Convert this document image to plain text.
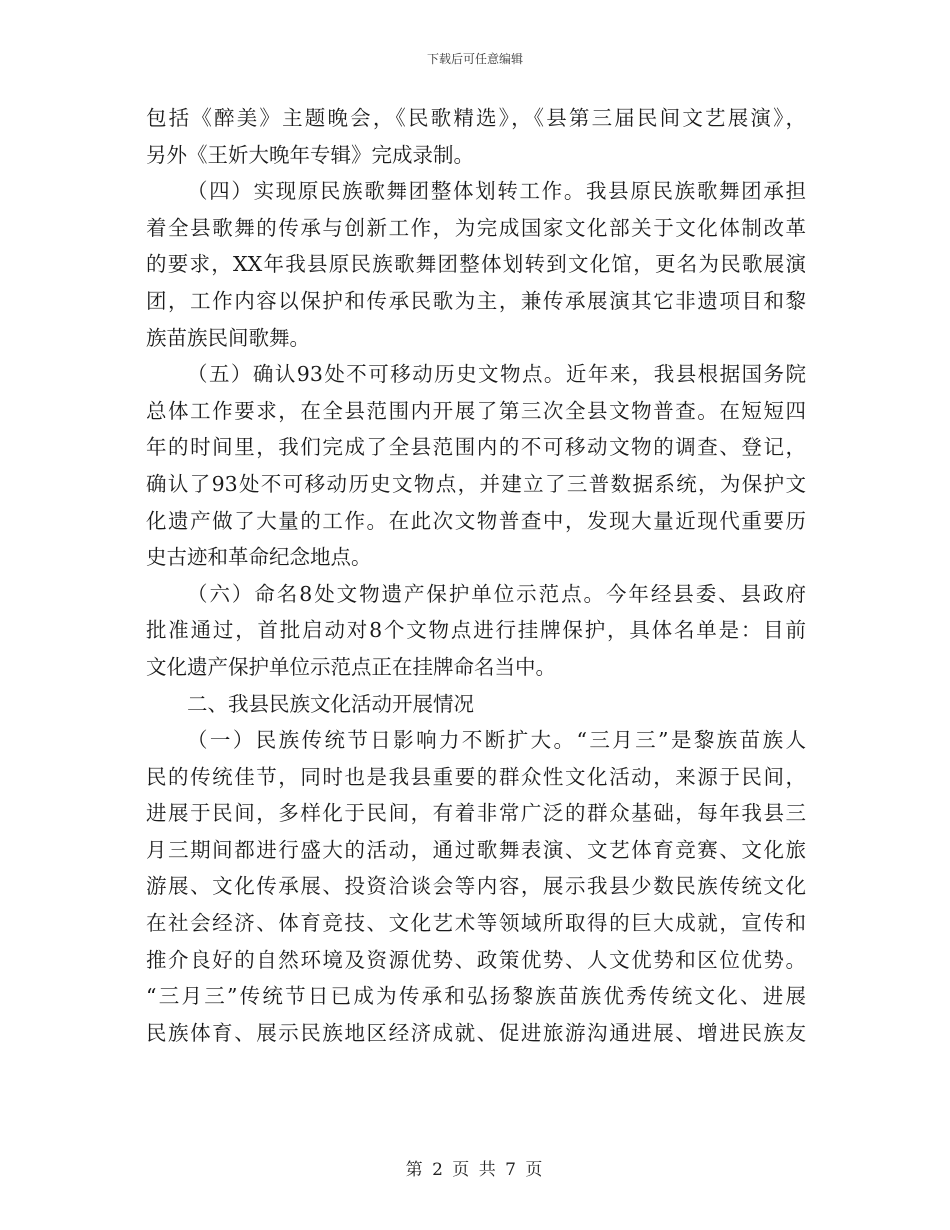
下载后可任意编辑
包括《醉美》主题晚会，《民歌精选》，《县第三届民间文艺展演》，
另外《王妡大晚年专辑》完成录制。
（四）实现原民族歌舞团整体划转工作。我县原民族歌舞团承担
着全县歌舞的传承与创新工作，为完成国家文化部关于文化体制改革
的要求，XX年我县原民族歌舞团整体划转到文化馆，更名为民歌展演
团，工作内容以保护和传承民歌为主，兼传承展演其它非遗项目和黎
族苗族民间歌舞。
（五）确认93处不可移动历史文物点。近年来，我县根据国务院
总体工作要求，在全县范围内开展了第三次全县文物普查。在短短四
年的时间里，我们完成了全县范围内的不可移动文物的调查、登记，
确认了93处不可移动历史文物点，并建立了三普数据系统，为保护文
化遗产做了大量的工作。在此次文物普查中，发现大量近现代重要历
史古迹和革命纪念地点。
（六）命名8处文物遗产保护单位示范点。今年经县委、县政府
批准通过，首批启动对8个文物点进行挂牌保护，具体名单是：目前
文化遗产保护单位示范点正在挂牌命名当中。
二、我县民族文化活动开展情况
（一）民族传统节日影响力不断扩大。“三月三”是黎族苗族人
民的传统佳节，同时也是我县重要的群众性文化活动，来源于民间，
进展于民间，多样化于民间，有着非常广泛的群众基础，每年我县三
月三期间都进行盛大的活动，通过歌舞表演、文艺体育竞赛、文化旅
游展、文化传承展、投资洽谈会等内容，展示我县少数民族传统文化
在社会经济、体育竞技、文化艺术等领域所取得的巨大成就，宣传和
推介良好的自然环境及资源优势、政策优势、人文优势和区位优势。
“三月三”传统节日已成为传承和弘扬黎族苗族优秀传统文化、进展
民族体育、展示民族地区经济成就、促进旅游沟通进展、增进民族友
第 2 页 共 7 页
